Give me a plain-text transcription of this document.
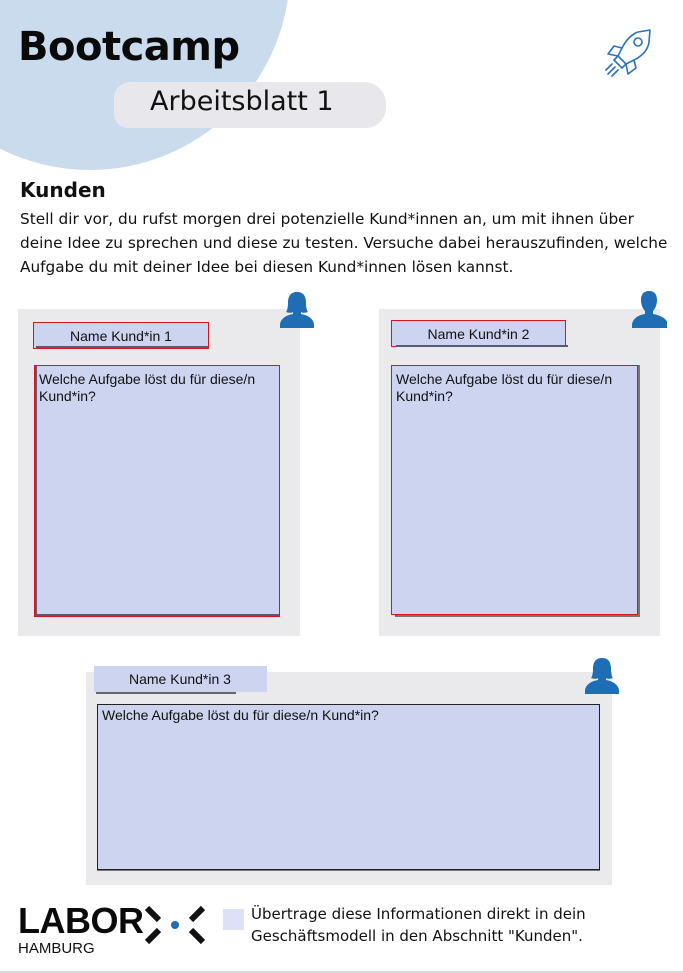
Bootcamp
Arbeitsblatt 1
Kunden
Stell dir vor, du rufst morgen drei potenzielle Kund*innen an, um mit ihnen über deine Idee zu sprechen und diese zu testen. Versuche dabei herauszufinden, welche Aufgabe du mit deiner Idee bei diesen Kund*innen lösen kannst.
Name Kund*in 1
Welche Aufgabe löst du für diese/n Kund*in?
Name Kund*in 2
Welche Aufgabe löst du für diese/n Kund*in?
Name Kund*in 3
Welche Aufgabe löst du für diese/n Kund*in?
LABOR
HAMBURG
Übertrage diese Informationen direkt in dein Geschäftsmodell in den Abschnitt "Kunden".
